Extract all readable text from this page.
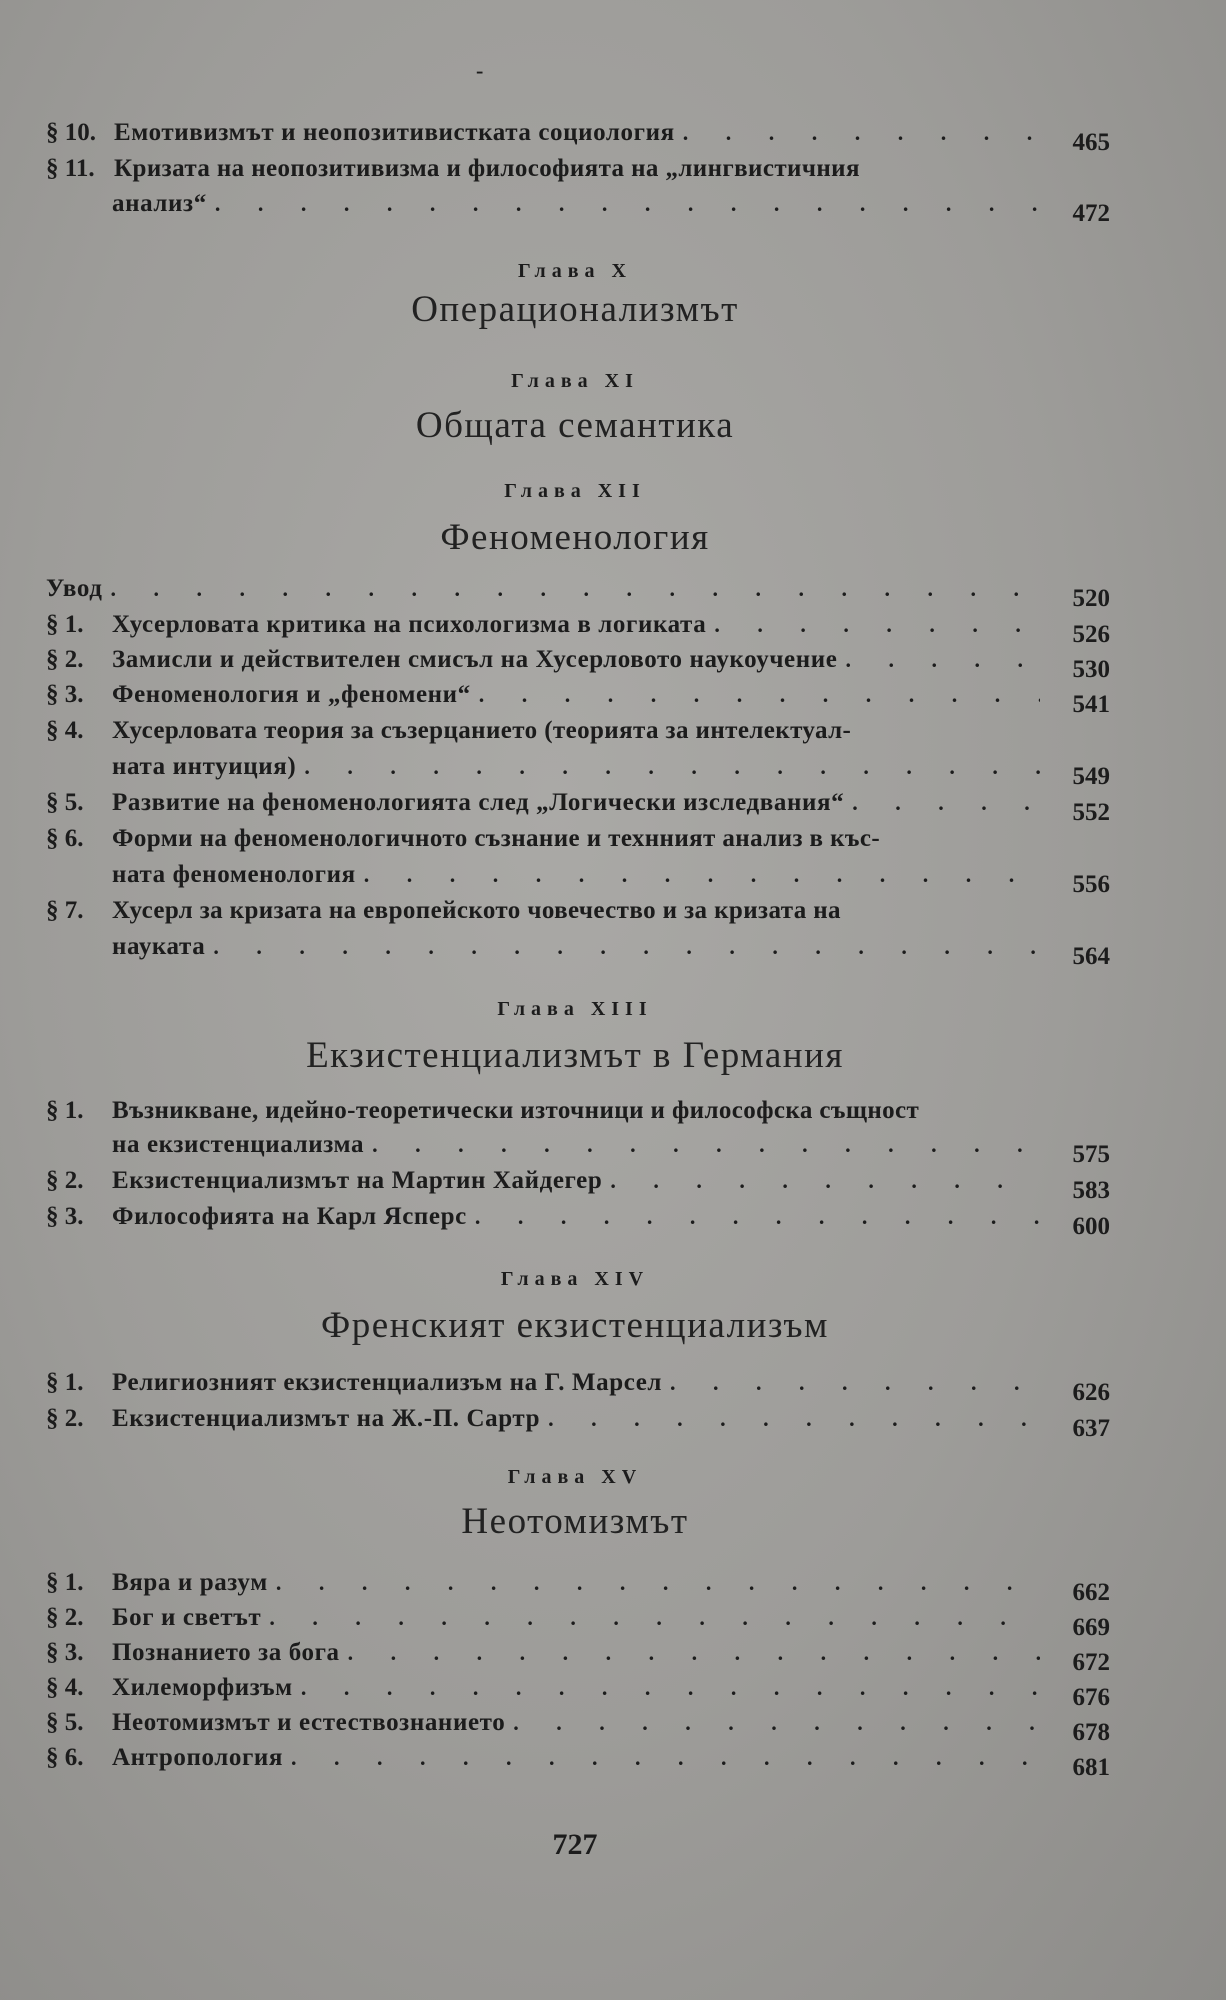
-
§ 10. Емотивизмът и неопозитивистката социология . . .	465
§ 11. Кризата на неопозитивизма и философията на „лингвистичния
анализ“ . . .	472
Глава X
Операционализмът
Глава XI
Общата семантика
Глава XII
Феноменология
Увод . . .	520
§ 1.	Хусерловата критика на психологизма в логиката . . .	526
§ 2.	Замисли и действителен смисъл на Хусерловото наукоучение . . .	530
§ 3.	Феноменология и „феномени“ . . .	541
§ 4.	Хусерловата теория за съзерцанието (теорията за интелектуал-
ната интуиция) . . .	549
§ 5.	Развитие на феноменологията след „Логически изследвания“ . . .	552
§ 6.	Форми на феноменологичното съзнание и технният анализ в къс-
ната феноменология . . .	556
§ 7.	Хусерл за кризата на европейското човечество и за кризата на
науката . . .	564
Глава XIII
Екзистенциализмът в Германия
§ 1.	Възникване, идейно-теоретически източници и философска същност
на екзистенциализма . . .	575
§ 2.	Екзистенциализмът на Мартин Хайдегер . . .	583
§ 3.	Философията на Карл Ясперс . . .	600
Глава XIV
Френският екзистенциализъм
§ 1.	Религиозният екзистенциализъм на Г. Марсел . . .	626
§ 2.	Екзистенциализмът на Ж.-П. Сартр . . .	637
Глава XV
Неотомизмът
§ 1.	Вяра и разум . . .	662
§ 2.	Бог и светът . . .	669
§ 3.	Познанието за бога . . .	672
§ 4.	Хилеморфизъм . . .	676
§ 5.	Неотомизмът и естествознанието . . .	678
§ 6.	Антропология . . .	681
727
